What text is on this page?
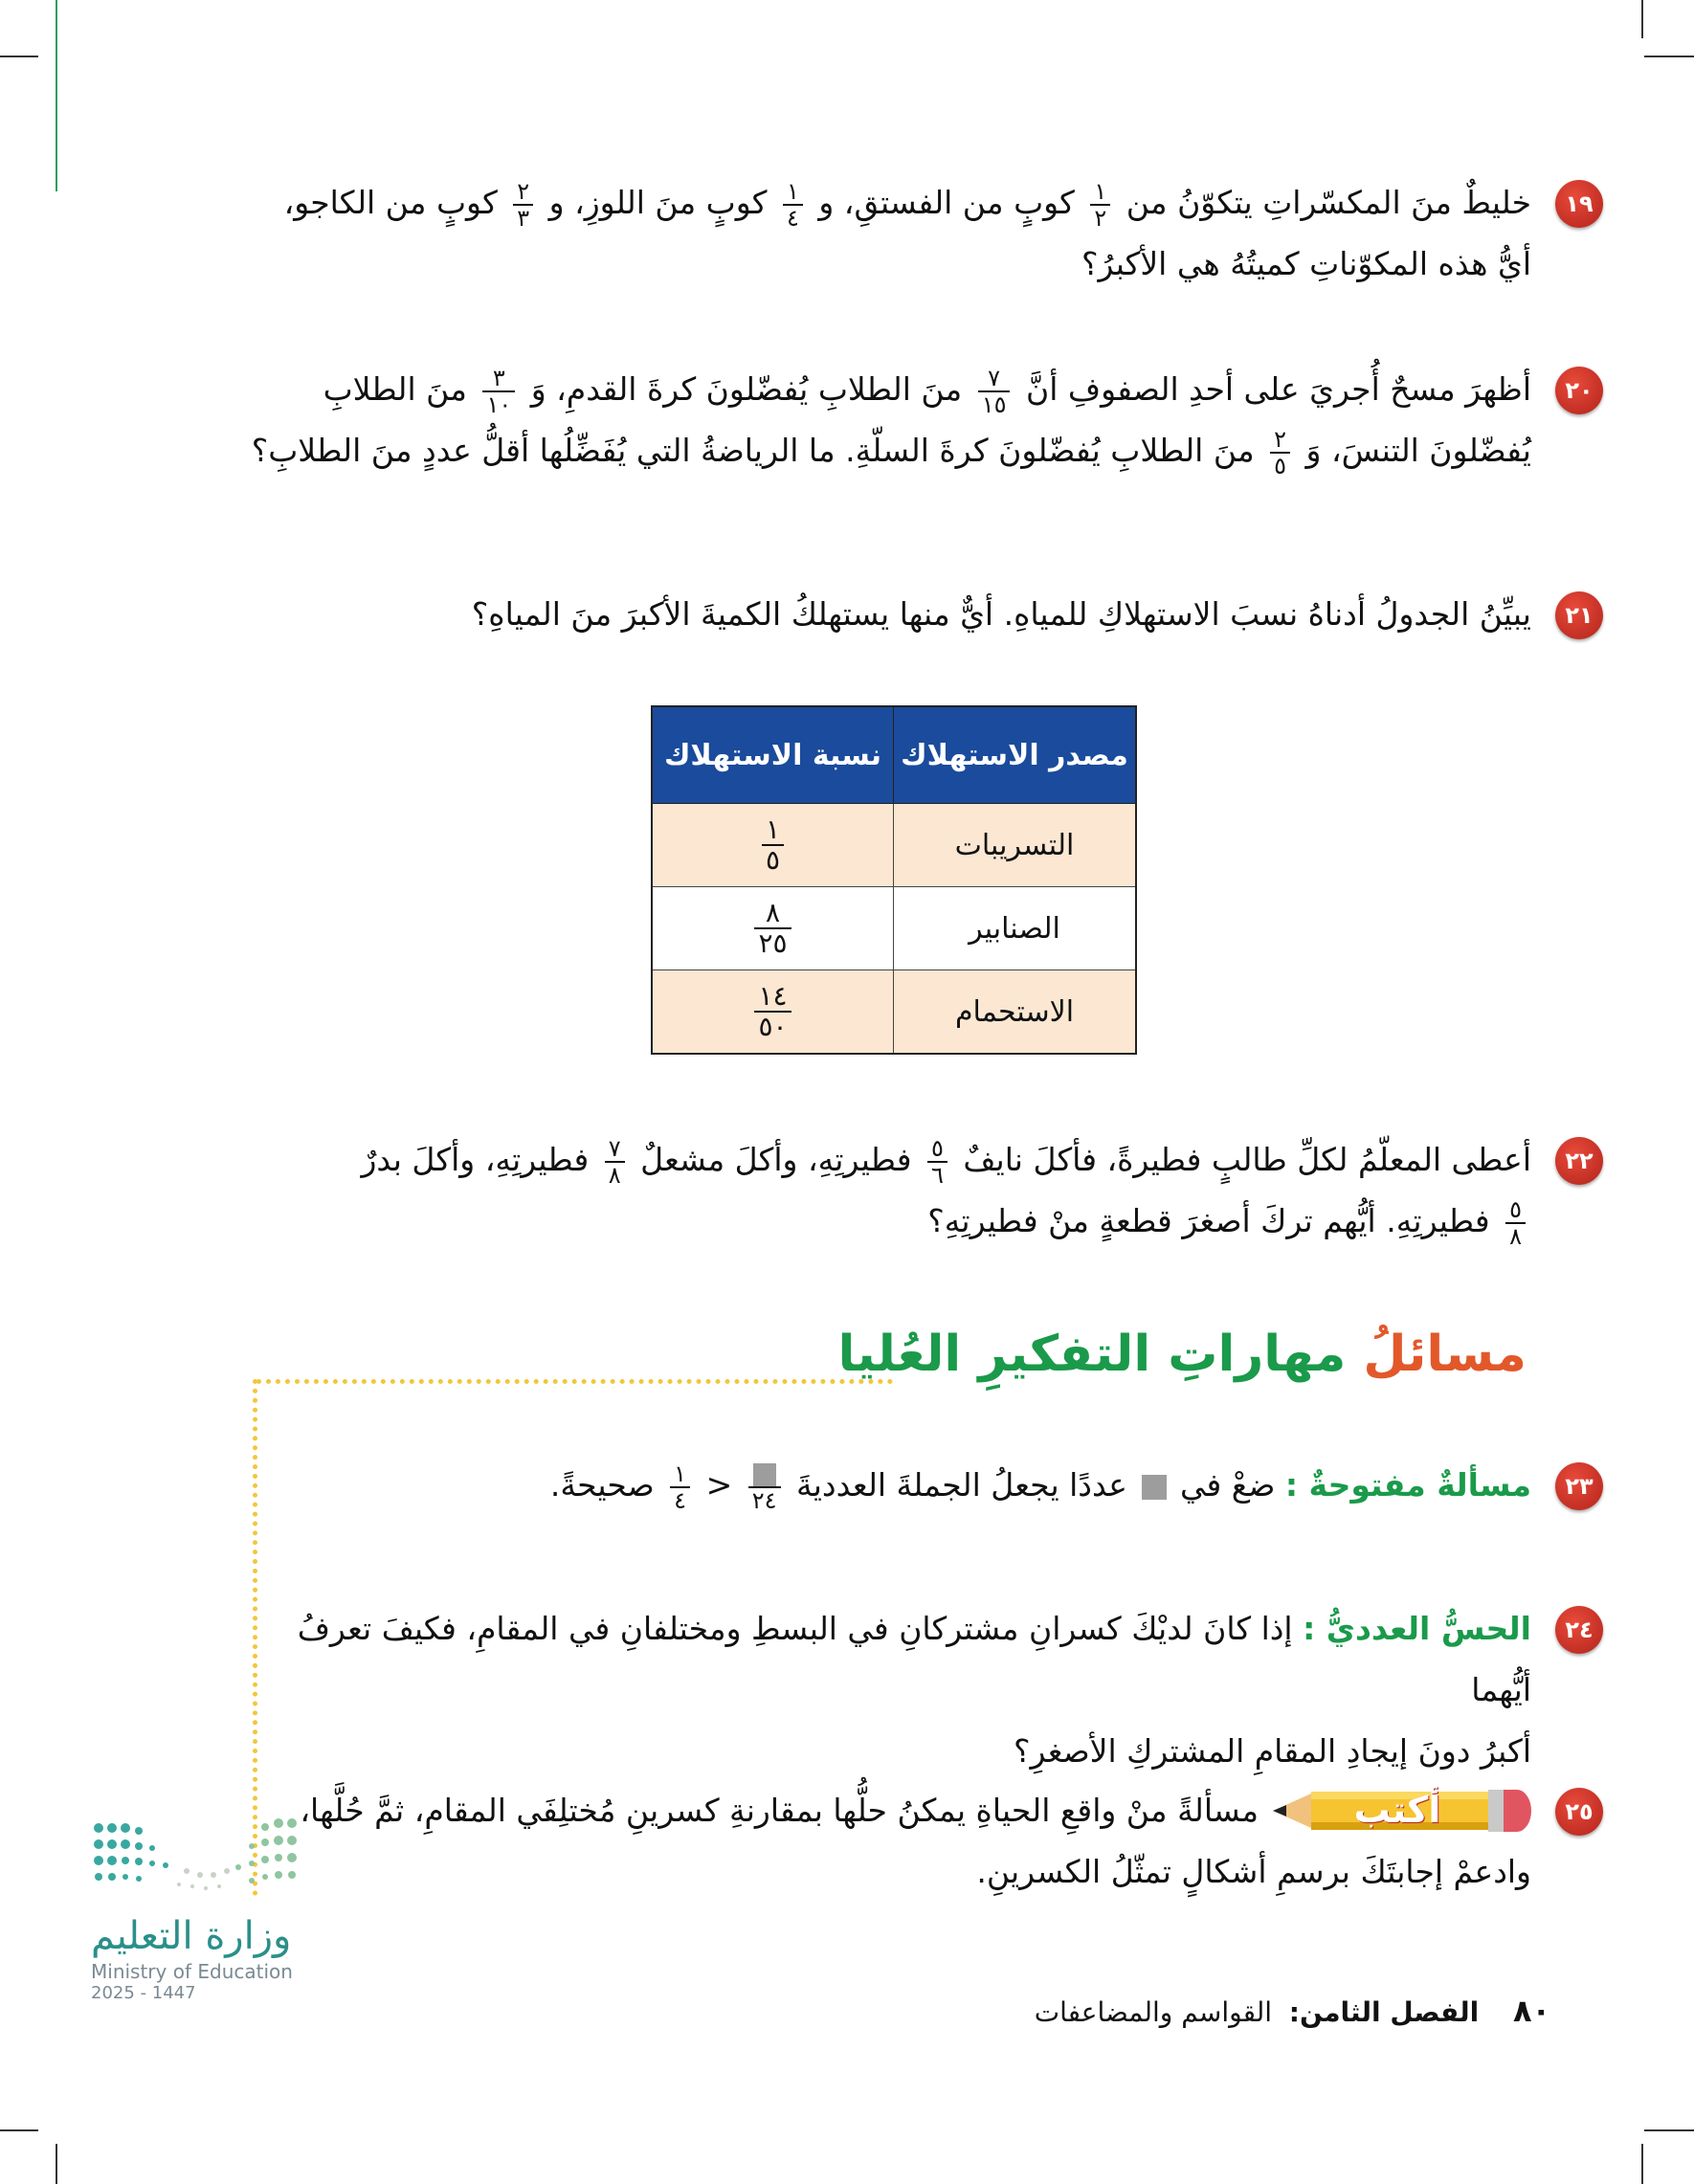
١٩
خليطٌ منَ المكسّراتِ يتكوّنُ من
$\frac{١}{٢}$
كوبٍ من الفستقِ، و
$\frac{١}{٤}$
كوبٍ منَ اللوزِ، و
$\frac{٢}{٣}$
كوبٍ من الكاجو،
أيُّ هذه المكوّناتِ كميتُهُ هي الأكبرُ؟
٢٠
أظهرَ مسحٌ أُجريَ على أحدِ الصفوفِ أنَّ
$\frac{٧}{١٥}$
منَ الطلابِ يُفضّلونَ كرةَ القدمِ، وَ
$\frac{٣}{١٠}$
منَ الطلابِ
يُفضّلونَ التنسَ، وَ
$\frac{٢}{٥}$
منَ الطلابِ يُفضّلونَ كرةَ السلّةِ. ما الرياضةُ التي يُفَضِّلُها أقلُّ عددٍ منَ الطلابِ؟
٢١
يبيِّنُ الجدولُ أدناهُ نسبَ الاستهلاكِ للمياهِ. أيٌّ منها يستهلكُ الكميةَ الأكبرَ منَ المياهِ؟
مصدر الاستهلاك	نسبة الاستهلاك
التسريبات	$\frac{١}{٥}$

الصنابير	$\frac{٨}{٢٥}$

الاستحمام	$\frac{١٤}{٥٠}$
٢٢
أعطى المعلّمُ لكلِّ طالبٍ فطيرةً، فأكلَ نايفٌ
$\frac{٥}{٦}$
فطيرتِهِ، وأكلَ مشعلٌ
$\frac{٧}{٨}$
فطيرتِهِ، وأكلَ بدرٌ
$\frac{٥}{٨}$
فطيرتِهِ. أيُّهم تركَ أصغرَ قطعةٍ منْ فطيرتِهِ؟
مسائلُ مهاراتِ التفكيرِ العُليا
٢٣
مسألةٌ مفتوحةٌ : ضعْ في  عددًا يجعلُ الجملةَ العدديةَ
٢٤
<
$\frac{١}{٤}$
صحيحةً.
٢٤
الحسُّ العدديُّ : إذا كانَ لديْكَ كسرانِ مشتركانِ في البسطِ ومختلفانِ في المقامِ، فكيفَ تعرفُ أيُّهما
أكبرُ دونَ إيجادِ المقامِ المشتركِ الأصغرِ؟
٢٥
أكتب
مسألةً منْ واقعِ الحياةِ يمكنُ حلُّها بمقارنةِ كسرينِ مُختلِفَي المقامِ، ثمَّ حُلَّها،
وادعمْ إجابتَكَ برسمِ أشكالٍ تمثّلُ الكسرينِ.
وزارة التعليم
Ministry of Education
2025 - 1447	٨٠ الفصل الثامن: القواسم والمضاعفات
